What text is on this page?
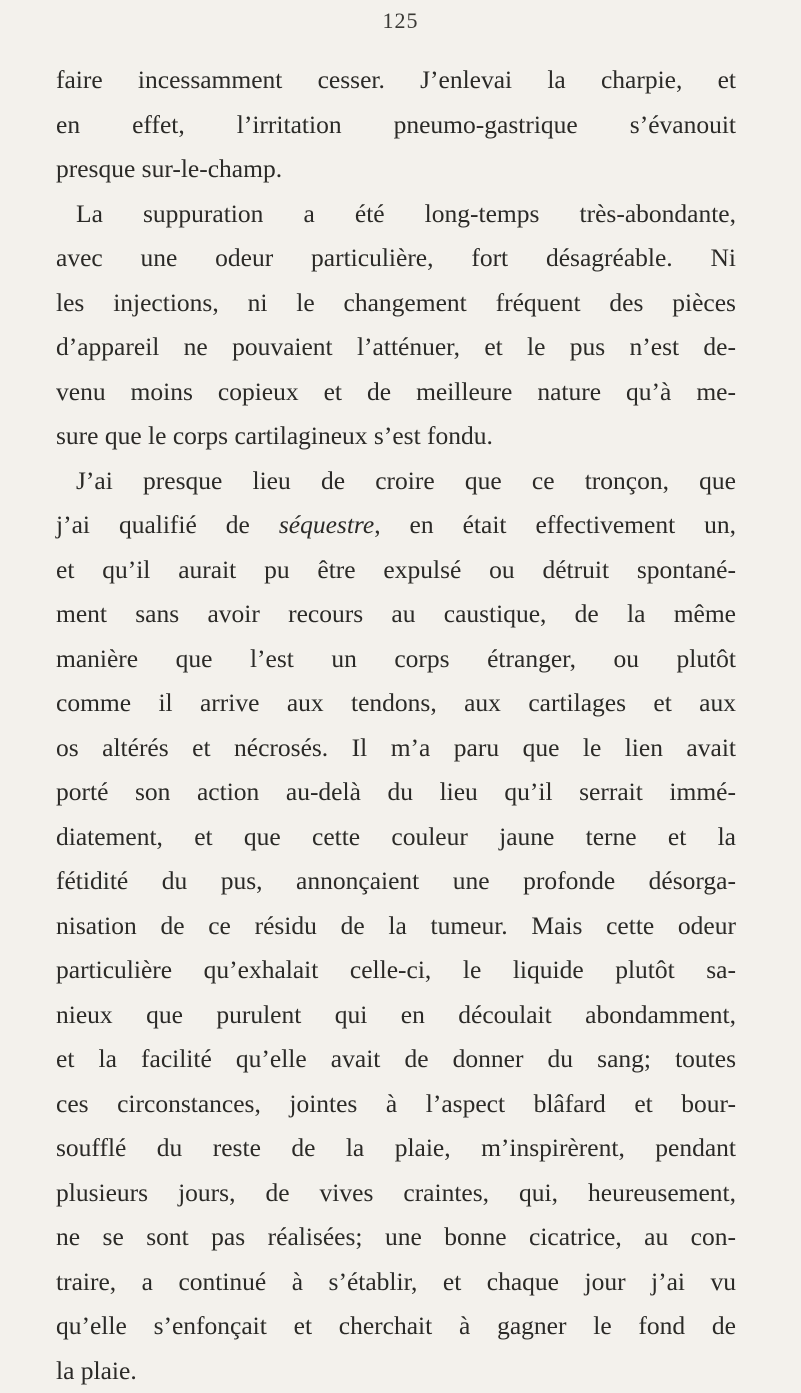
125
faire incessamment cesser. J’enlevai la charpie, et
en effet, l’irritation pneumo-gastrique s’évanouit
presque sur-le-champ.
La suppuration a été long-temps très-abondante,
avec une odeur particulière, fort désagréable. Ni
les injections, ni le changement fréquent des pièces
d’appareil ne pouvaient l’atténuer, et le pus n’est de-
venu moins copieux et de meilleure nature qu’à me-
sure que le corps cartilagineux s’est fondu.
J’ai presque lieu de croire que ce tronçon, que
j’ai qualifié de séquestre, en était effectivement un,
et qu’il aurait pu être expulsé ou détruit spontané-
ment sans avoir recours au caustique, de la même
manière que l’est un corps étranger, ou plutôt
comme il arrive aux tendons, aux cartilages et aux
os altérés et nécrosés. Il m’a paru que le lien avait
porté son action au-delà du lieu qu’il serrait immé-
diatement, et que cette couleur jaune terne et la
fétidité du pus, annonçaient une profonde désorga-
nisation de ce résidu de la tumeur. Mais cette odeur
particulière qu’exhalait celle-ci, le liquide plutôt sa-
nieux que purulent qui en découlait abondamment,
et la facilité qu’elle avait de donner du sang; toutes
ces circonstances, jointes à l’aspect blâfard et bour-
soufflé du reste de la plaie, m’inspirèrent, pendant
plusieurs jours, de vives craintes, qui, heureusement,
ne se sont pas réalisées; une bonne cicatrice, au con-
traire, a continué à s’établir, et chaque jour j’ai vu
qu’elle s’enfonçait et cherchait à gagner le fond de
la plaie.
